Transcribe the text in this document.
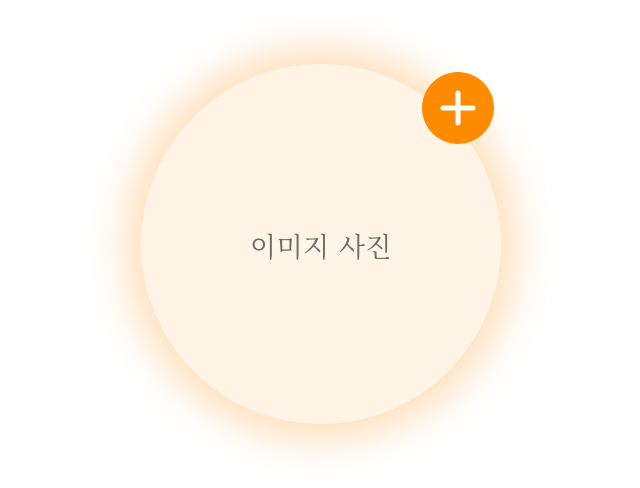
이미지 사진
